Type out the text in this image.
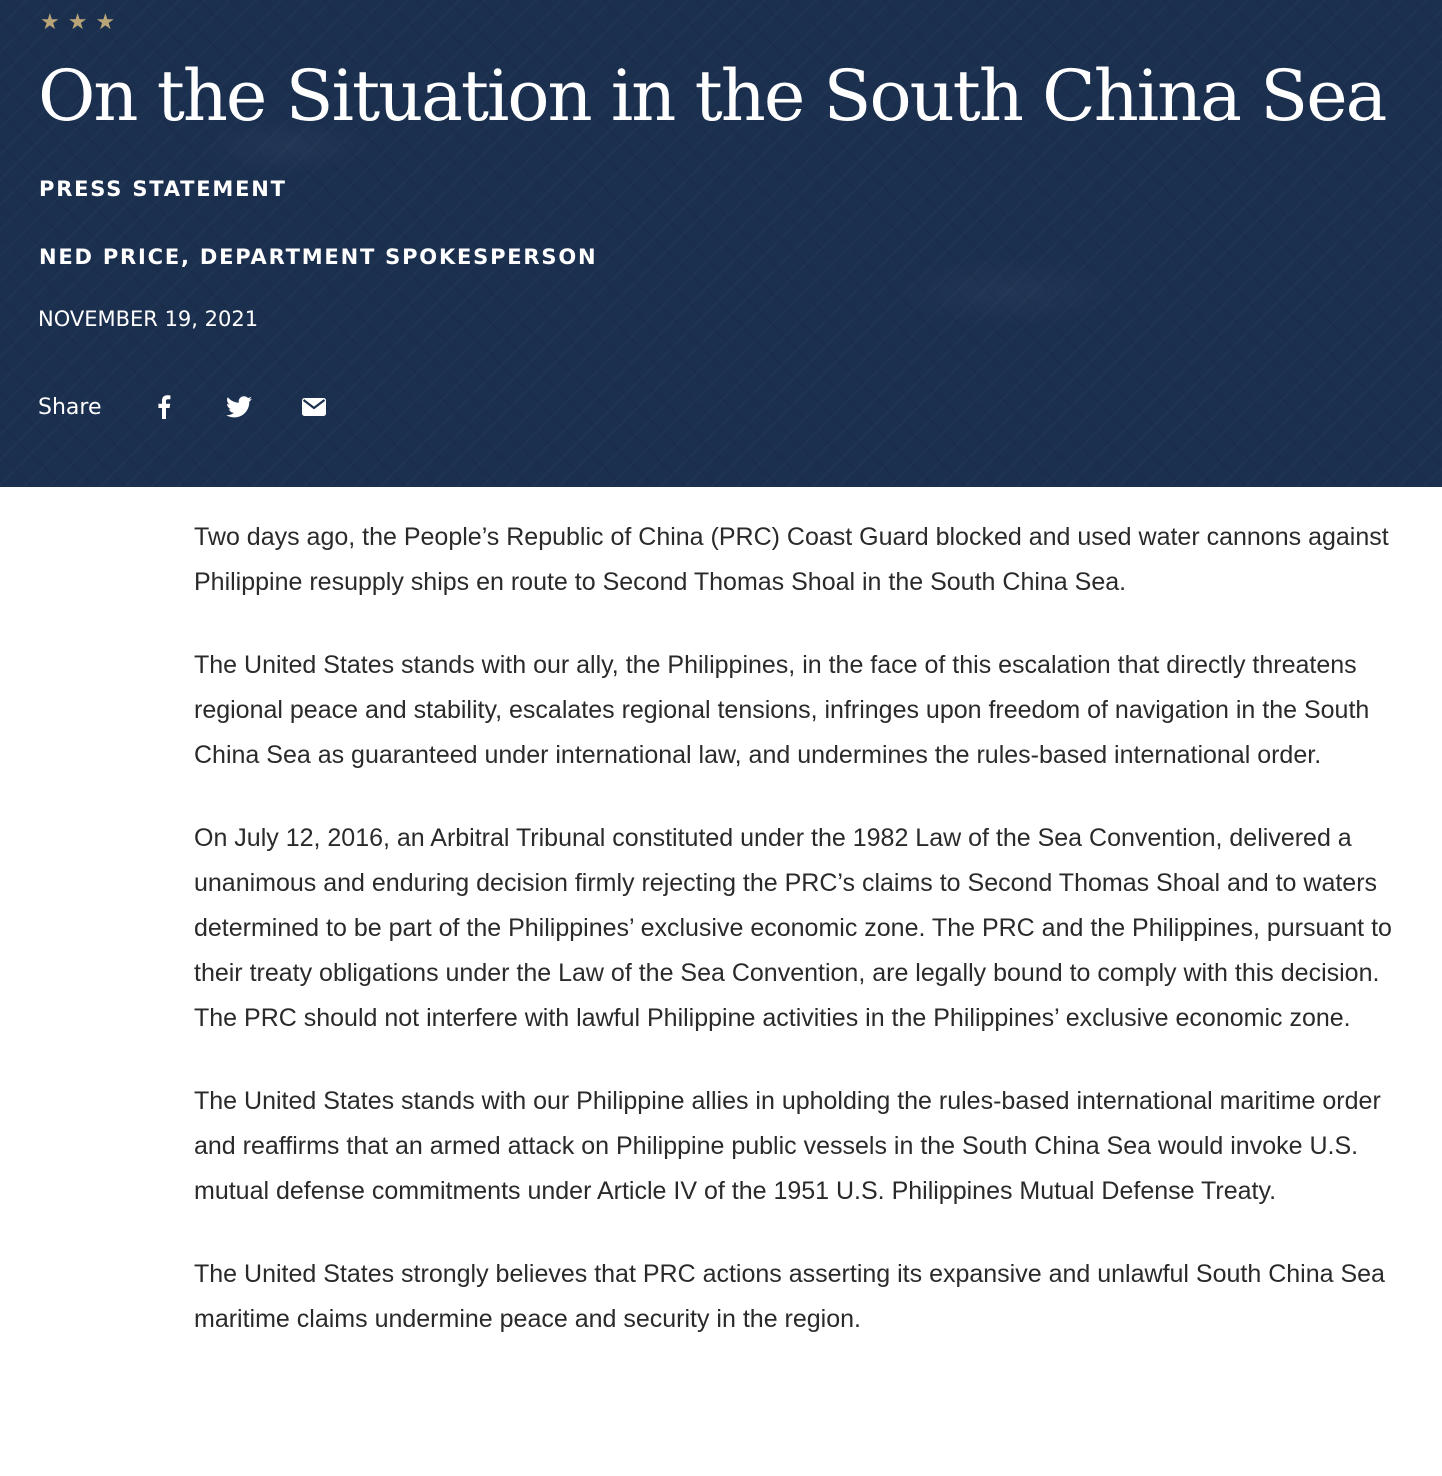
★ ★ ★
On the Situation in the South China Sea
PRESS STATEMENT
NED PRICE, DEPARTMENT SPOKESPERSON
NOVEMBER 19, 2021
Share

Two days ago, the People’s Republic of China (PRC) Coast Guard blocked and used water cannons against Philippine resupply ships en route to Second Thomas Shoal in the South China Sea.

The United States stands with our ally, the Philippines, in the face of this escalation that directly threatens regional peace and stability, escalates regional tensions, infringes upon freedom of navigation in the South China Sea as guaranteed under international law, and undermines the rules-based international order.

On July 12, 2016, an Arbitral Tribunal constituted under the 1982 Law of the Sea Convention, delivered a unanimous and enduring decision firmly rejecting the PRC’s claims to Second Thomas Shoal and to waters determined to be part of the Philippines’ exclusive economic zone. The PRC and the Philippines, pursuant to their treaty obligations under the Law of the Sea Convention, are legally bound to comply with this decision. The PRC should not interfere with lawful Philippine activities in the Philippines’ exclusive economic zone.

The United States stands with our Philippine allies in upholding the rules-based international maritime order and reaffirms that an armed attack on Philippine public vessels in the South China Sea would invoke U.S. mutual defense commitments under Article IV of the 1951 U.S. Philippines Mutual Defense Treaty.

The United States strongly believes that PRC actions asserting its expansive and unlawful South China Sea maritime claims undermine peace and security in the region.
